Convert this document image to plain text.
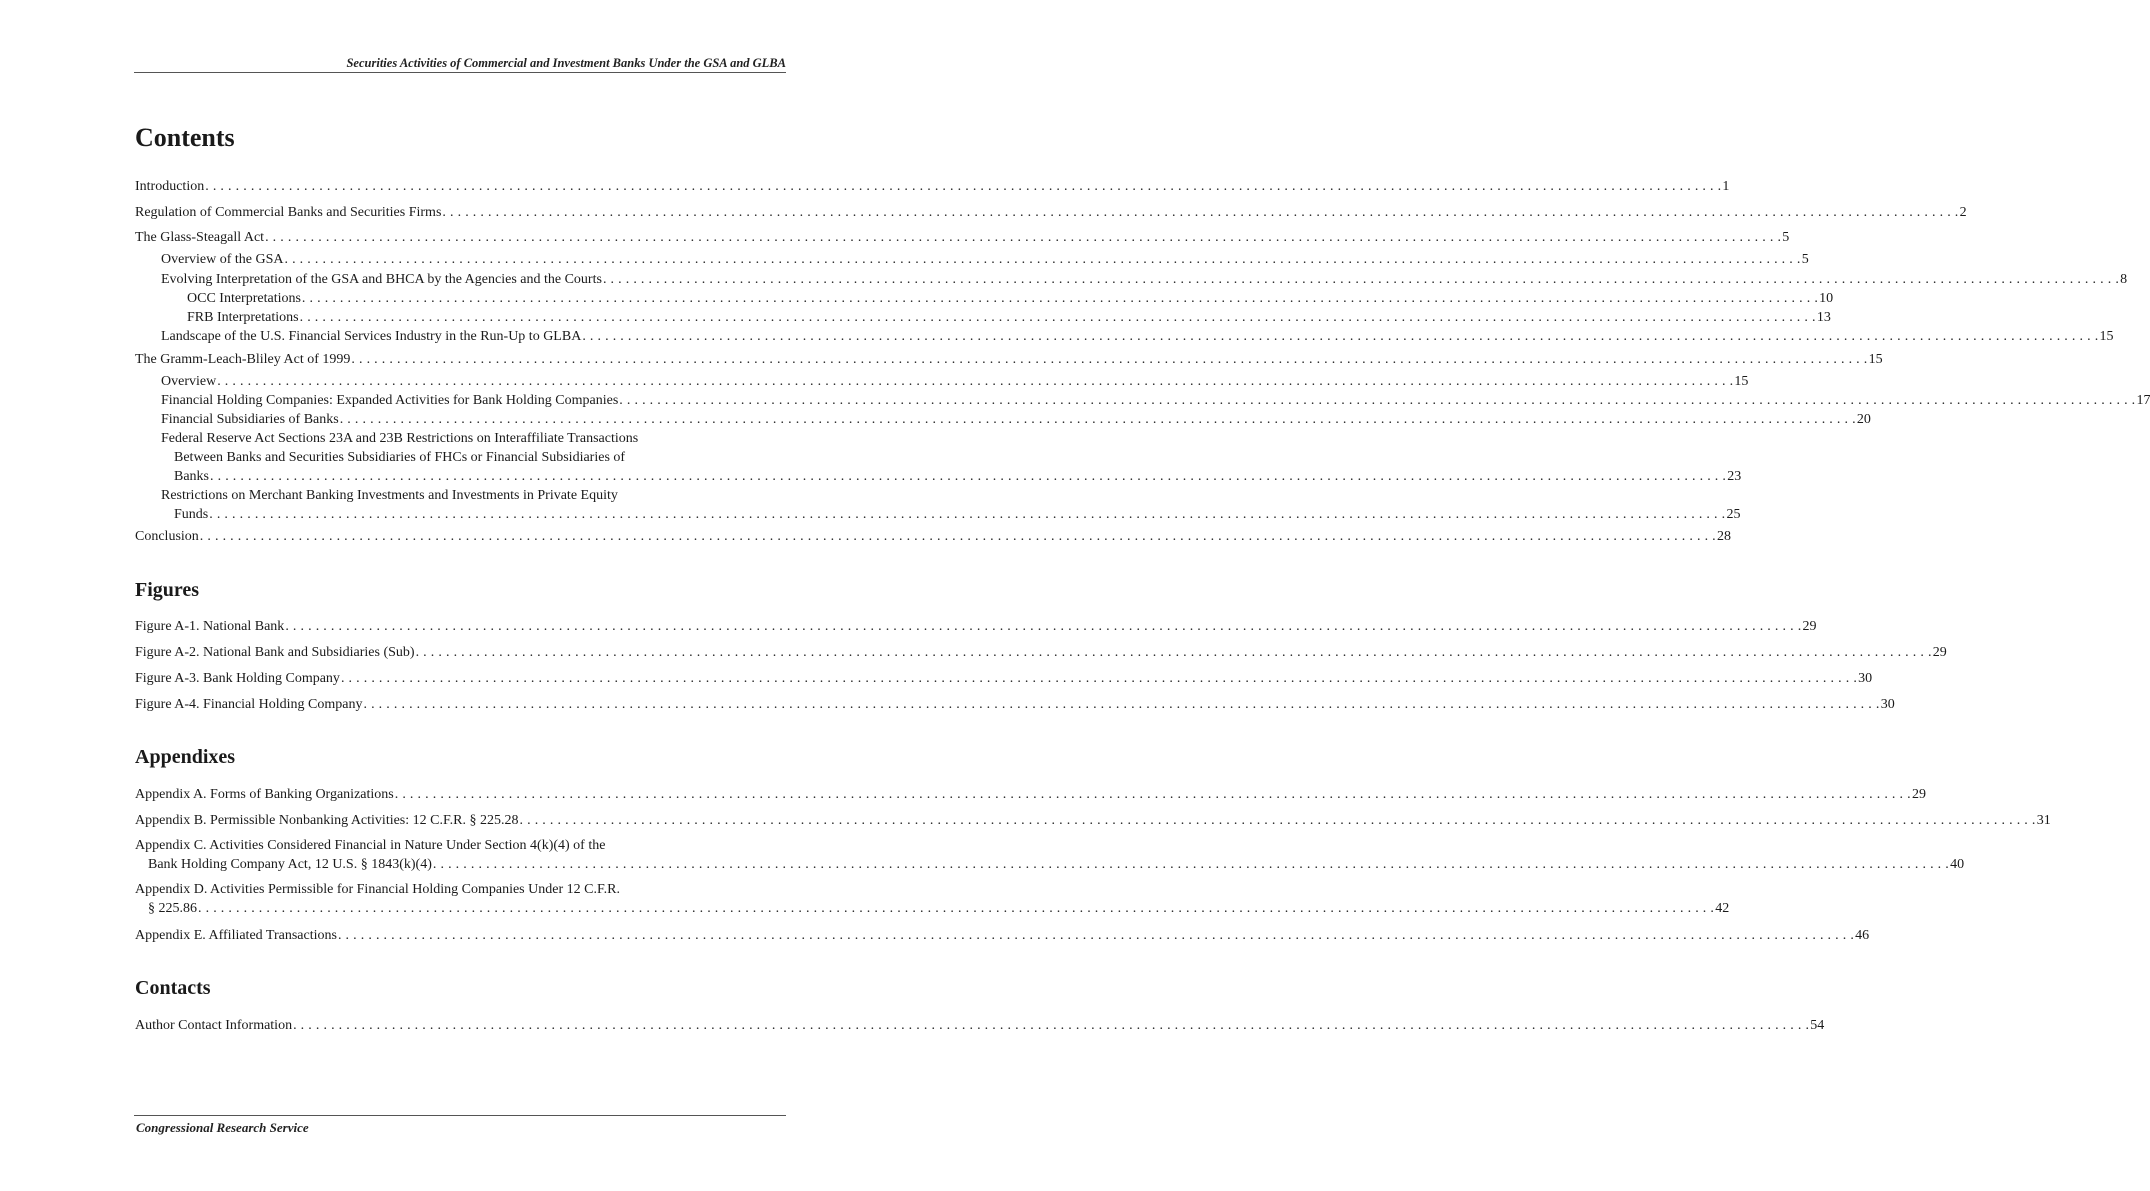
Securities Activities of Commercial and Investment Banks Under the GSA and GLBA
Contents
Figures
Appendixes
Contacts
Introduction . . . . . . . . . . . . . . . . . . . . . . . . . . . . . . . . . . . . . . . . . . . . . . . . . . . . . . . . . . . . . . . . . . . . . . . . . . . . . . . . . . . . . . . . . . . . . . . . . . . . . . . . . . . . . . . . . . . . . . . . . . . . . . . . . . . . . . . . . . . . . . . . . . . . . . . . . . . . . . . . . . . . . . . . . . . . . . . . . . . . . . . . . . . . . . . . . . . . . . . . 1
Regulation of Commercial Banks and Securities Firms . . . . . . . . . . . . . . . . . . . . . . . . . . . . . . . . . . . . . . . . . . . . . . . . . . . . . . . . . . . . . . . . . . . . . . . . . . . . . . . . . . . . . . . . . . . . . . . . . . . . . . . . . . . . . . . . . . . . . . . . . . . . . . . . . . . . . . . . . . . . . . . . . . . . . . . . . . . . . . . . . . . . . . . . . . . . . . . . . . . . . . . . . . . . . . . . . . . . . . . . 2
The Glass-Steagall Act . . . . . . . . . . . . . . . . . . . . . . . . . . . . . . . . . . . . . . . . . . . . . . . . . . . . . . . . . . . . . . . . . . . . . . . . . . . . . . . . . . . . . . . . . . . . . . . . . . . . . . . . . . . . . . . . . . . . . . . . . . . . . . . . . . . . . . . . . . . . . . . . . . . . . . . . . . . . . . . . . . . . . . . . . . . . . . . . . . . . . . . . . . . . . . . . . . . . . . . . 5
Overview of the GSA . . . . . . . . . . . . . . . . . . . . . . . . . . . . . . . . . . . . . . . . . . . . . . . . . . . . . . . . . . . . . . . . . . . . . . . . . . . . . . . . . . . . . . . . . . . . . . . . . . . . . . . . . . . . . . . . . . . . . . . . . . . . . . . . . . . . . . . . . . . . . . . . . . . . . . . . . . . . . . . . . . . . . . . . . . . . . . . . . . . . . . . . . . . . . . . . . . . . . . . . 5
Evolving Interpretation of the GSA and BHCA by the Agencies and the Courts . . . . . . . . . . . . . . . . . . . . . . . . . . . . . . . . . . . . . . . . . . . . . . . . . . . . . . . . . . . . . . . . . . . . . . . . . . . . . . . . . . . . . . . . . . . . . . . . . . . . . . . . . . . . . . . . . . . . . . . . . . . . . . . . . . . . . . . . . . . . . . . . . . . . . . . . . . . . . . . . . . . . . . . . . . . . . . . . . . . . . . . . . . . . . . . . . . . . . . . . 8
OCC Interpretations . . . . . . . . . . . . . . . . . . . . . . . . . . . . . . . . . . . . . . . . . . . . . . . . . . . . . . . . . . . . . . . . . . . . . . . . . . . . . . . . . . . . . . . . . . . . . . . . . . . . . . . . . . . . . . . . . . . . . . . . . . . . . . . . . . . . . . . . . . . . . . . . . . . . . . . . . . . . . . . . . . . . . . . . . . . . . . . . . . . . . . . . . . . . . . . . . . . . . . . . 10
FRB Interpretations . . . . . . . . . . . . . . . . . . . . . . . . . . . . . . . . . . . . . . . . . . . . . . . . . . . . . . . . . . . . . . . . . . . . . . . . . . . . . . . . . . . . . . . . . . . . . . . . . . . . . . . . . . . . . . . . . . . . . . . . . . . . . . . . . . . . . . . . . . . . . . . . . . . . . . . . . . . . . . . . . . . . . . . . . . . . . . . . . . . . . . . . . . . . . . . . . . . . . . . . 13
Landscape of the U.S. Financial Services Industry in the Run-Up to GLBA . . . . . . . . . . . . . . . . . . . . . . . . . . . . . . . . . . . . . . . . . . . . . . . . . . . . . . . . . . . . . . . . . . . . . . . . . . . . . . . . . . . . . . . . . . . . . . . . . . . . . . . . . . . . . . . . . . . . . . . . . . . . . . . . . . . . . . . . . . . . . . . . . . . . . . . . . . . . . . . . . . . . . . . . . . . . . . . . . . . . . . . . . . . . . . . . . . . . . . . . 15
The Gramm-Leach-Bliley Act of 1999 . . . . . . . . . . . . . . . . . . . . . . . . . . . . . . . . . . . . . . . . . . . . . . . . . . . . . . . . . . . . . . . . . . . . . . . . . . . . . . . . . . . . . . . . . . . . . . . . . . . . . . . . . . . . . . . . . . . . . . . . . . . . . . . . . . . . . . . . . . . . . . . . . . . . . . . . . . . . . . . . . . . . . . . . . . . . . . . . . . . . . . . . . . . . . . . . . . . . . . . . 15
Overview . . . . . . . . . . . . . . . . . . . . . . . . . . . . . . . . . . . . . . . . . . . . . . . . . . . . . . . . . . . . . . . . . . . . . . . . . . . . . . . . . . . . . . . . . . . . . . . . . . . . . . . . . . . . . . . . . . . . . . . . . . . . . . . . . . . . . . . . . . . . . . . . . . . . . . . . . . . . . . . . . . . . . . . . . . . . . . . . . . . . . . . . . . . . . . . . . . . . . . . . 15
Financial Holding Companies: Expanded Activities for Bank Holding Companies . . . . . . . . . . . . . . . . . . . . . . . . . . . . . . . . . . . . . . . . . . . . . . . . . . . . . . . . . . . . . . . . . . . . . . . . . . . . . . . . . . . . . . . . . . . . . . . . . . . . . . . . . . . . . . . . . . . . . . . . . . . . . . . . . . . . . . . . . . . . . . . . . . . . . . . . . . . . . . . . . . . . . . . . . . . . . . . . . . . . . . . . . . . . . . . . . . . . . . . . 17
Financial Subsidiaries of Banks . . . . . . . . . . . . . . . . . . . . . . . . . . . . . . . . . . . . . . . . . . . . . . . . . . . . . . . . . . . . . . . . . . . . . . . . . . . . . . . . . . . . . . . . . . . . . . . . . . . . . . . . . . . . . . . . . . . . . . . . . . . . . . . . . . . . . . . . . . . . . . . . . . . . . . . . . . . . . . . . . . . . . . . . . . . . . . . . . . . . . . . . . . . . . . . . . . . . . . . . 20
Federal Reserve Act Sections 23A and 23B Restrictions on Interaffiliate Transactions
Between Banks and Securities Subsidiaries of FHCs or Financial Subsidiaries of
Banks . . . . . . . . . . . . . . . . . . . . . . . . . . . . . . . . . . . . . . . . . . . . . . . . . . . . . . . . . . . . . . . . . . . . . . . . . . . . . . . . . . . . . . . . . . . . . . . . . . . . . . . . . . . . . . . . . . . . . . . . . . . . . . . . . . . . . . . . . . . . . . . . . . . . . . . . . . . . . . . . . . . . . . . . . . . . . . . . . . . . . . . . . . . . . . . . . . . . . . . . 23
Restrictions on Merchant Banking Investments and Investments in Private Equity
Funds . . . . . . . . . . . . . . . . . . . . . . . . . . . . . . . . . . . . . . . . . . . . . . . . . . . . . . . . . . . . . . . . . . . . . . . . . . . . . . . . . . . . . . . . . . . . . . . . . . . . . . . . . . . . . . . . . . . . . . . . . . . . . . . . . . . . . . . . . . . . . . . . . . . . . . . . . . . . . . . . . . . . . . . . . . . . . . . . . . . . . . . . . . . . . . . . . . . . . . . . 25
Conclusion . . . . . . . . . . . . . . . . . . . . . . . . . . . . . . . . . . . . . . . . . . . . . . . . . . . . . . . . . . . . . . . . . . . . . . . . . . . . . . . . . . . . . . . . . . . . . . . . . . . . . . . . . . . . . . . . . . . . . . . . . . . . . . . . . . . . . . . . . . . . . . . . . . . . . . . . . . . . . . . . . . . . . . . . . . . . . . . . . . . . . . . . . . . . . . . . . . . . . . . . 28
Figure A-1. National Bank . . . . . . . . . . . . . . . . . . . . . . . . . . . . . . . . . . . . . . . . . . . . . . . . . . . . . . . . . . . . . . . . . . . . . . . . . . . . . . . . . . . . . . . . . . . . . . . . . . . . . . . . . . . . . . . . . . . . . . . . . . . . . . . . . . . . . . . . . . . . . . . . . . . . . . . . . . . . . . . . . . . . . . . . . . . . . . . . . . . . . . . . . . . . . . . . . . . . . . . . 29
Figure A-2. National Bank and Subsidiaries (Sub) . . . . . . . . . . . . . . . . . . . . . . . . . . . . . . . . . . . . . . . . . . . . . . . . . . . . . . . . . . . . . . . . . . . . . . . . . . . . . . . . . . . . . . . . . . . . . . . . . . . . . . . . . . . . . . . . . . . . . . . . . . . . . . . . . . . . . . . . . . . . . . . . . . . . . . . . . . . . . . . . . . . . . . . . . . . . . . . . . . . . . . . . . . . . . . . . . . . . . . . . 29
Figure A-3. Bank Holding Company . . . . . . . . . . . . . . . . . . . . . . . . . . . . . . . . . . . . . . . . . . . . . . . . . . . . . . . . . . . . . . . . . . . . . . . . . . . . . . . . . . . . . . . . . . . . . . . . . . . . . . . . . . . . . . . . . . . . . . . . . . . . . . . . . . . . . . . . . . . . . . . . . . . . . . . . . . . . . . . . . . . . . . . . . . . . . . . . . . . . . . . . . . . . . . . . . . . . . . . . 30
Figure A-4. Financial Holding Company . . . . . . . . . . . . . . . . . . . . . . . . . . . . . . . . . . . . . . . . . . . . . . . . . . . . . . . . . . . . . . . . . . . . . . . . . . . . . . . . . . . . . . . . . . . . . . . . . . . . . . . . . . . . . . . . . . . . . . . . . . . . . . . . . . . . . . . . . . . . . . . . . . . . . . . . . . . . . . . . . . . . . . . . . . . . . . . . . . . . . . . . . . . . . . . . . . . . . . . . 30
Appendix A. Forms of Banking Organizations . . . . . . . . . . . . . . . . . . . . . . . . . . . . . . . . . . . . . . . . . . . . . . . . . . . . . . . . . . . . . . . . . . . . . . . . . . . . . . . . . . . . . . . . . . . . . . . . . . . . . . . . . . . . . . . . . . . . . . . . . . . . . . . . . . . . . . . . . . . . . . . . . . . . . . . . . . . . . . . . . . . . . . . . . . . . . . . . . . . . . . . . . . . . . . . . . . . . . . . . 29
Appendix B. Permissible Nonbanking Activities: 12 C.F.R. § 225.28 . . . . . . . . . . . . . . . . . . . . . . . . . . . . . . . . . . . . . . . . . . . . . . . . . . . . . . . . . . . . . . . . . . . . . . . . . . . . . . . . . . . . . . . . . . . . . . . . . . . . . . . . . . . . . . . . . . . . . . . . . . . . . . . . . . . . . . . . . . . . . . . . . . . . . . . . . . . . . . . . . . . . . . . . . . . . . . . . . . . . . . . . . . . . . . . . . . . . . . . . 31
Appendix C. Activities Considered Financial in Nature Under Section 4(k)(4) of the
Bank Holding Company Act, 12 U.S. § 1843(k)(4) . . . . . . . . . . . . . . . . . . . . . . . . . . . . . . . . . . . . . . . . . . . . . . . . . . . . . . . . . . . . . . . . . . . . . . . . . . . . . . . . . . . . . . . . . . . . . . . . . . . . . . . . . . . . . . . . . . . . . . . . . . . . . . . . . . . . . . . . . . . . . . . . . . . . . . . . . . . . . . . . . . . . . . . . . . . . . . . . . . . . . . . . . . . . . . . . . . . . . . . . 40
Appendix D. Activities Permissible for Financial Holding Companies Under 12 C.F.R.
§ 225.86 . . . . . . . . . . . . . . . . . . . . . . . . . . . . . . . . . . . . . . . . . . . . . . . . . . . . . . . . . . . . . . . . . . . . . . . . . . . . . . . . . . . . . . . . . . . . . . . . . . . . . . . . . . . . . . . . . . . . . . . . . . . . . . . . . . . . . . . . . . . . . . . . . . . . . . . . . . . . . . . . . . . . . . . . . . . . . . . . . . . . . . . . . . . . . . . . . . . . . . . . 42
Appendix E. Affiliated Transactions . . . . . . . . . . . . . . . . . . . . . . . . . . . . . . . . . . . . . . . . . . . . . . . . . . . . . . . . . . . . . . . . . . . . . . . . . . . . . . . . . . . . . . . . . . . . . . . . . . . . . . . . . . . . . . . . . . . . . . . . . . . . . . . . . . . . . . . . . . . . . . . . . . . . . . . . . . . . . . . . . . . . . . . . . . . . . . . . . . . . . . . . . . . . . . . . . . . . . . . . 46
Author Contact Information . . . . . . . . . . . . . . . . . . . . . . . . . . . . . . . . . . . . . . . . . . . . . . . . . . . . . . . . . . . . . . . . . . . . . . . . . . . . . . . . . . . . . . . . . . . . . . . . . . . . . . . . . . . . . . . . . . . . . . . . . . . . . . . . . . . . . . . . . . . . . . . . . . . . . . . . . . . . . . . . . . . . . . . . . . . . . . . . . . . . . . . . . . . . . . . . . . . . . . . . 54
Congressional Research Service
